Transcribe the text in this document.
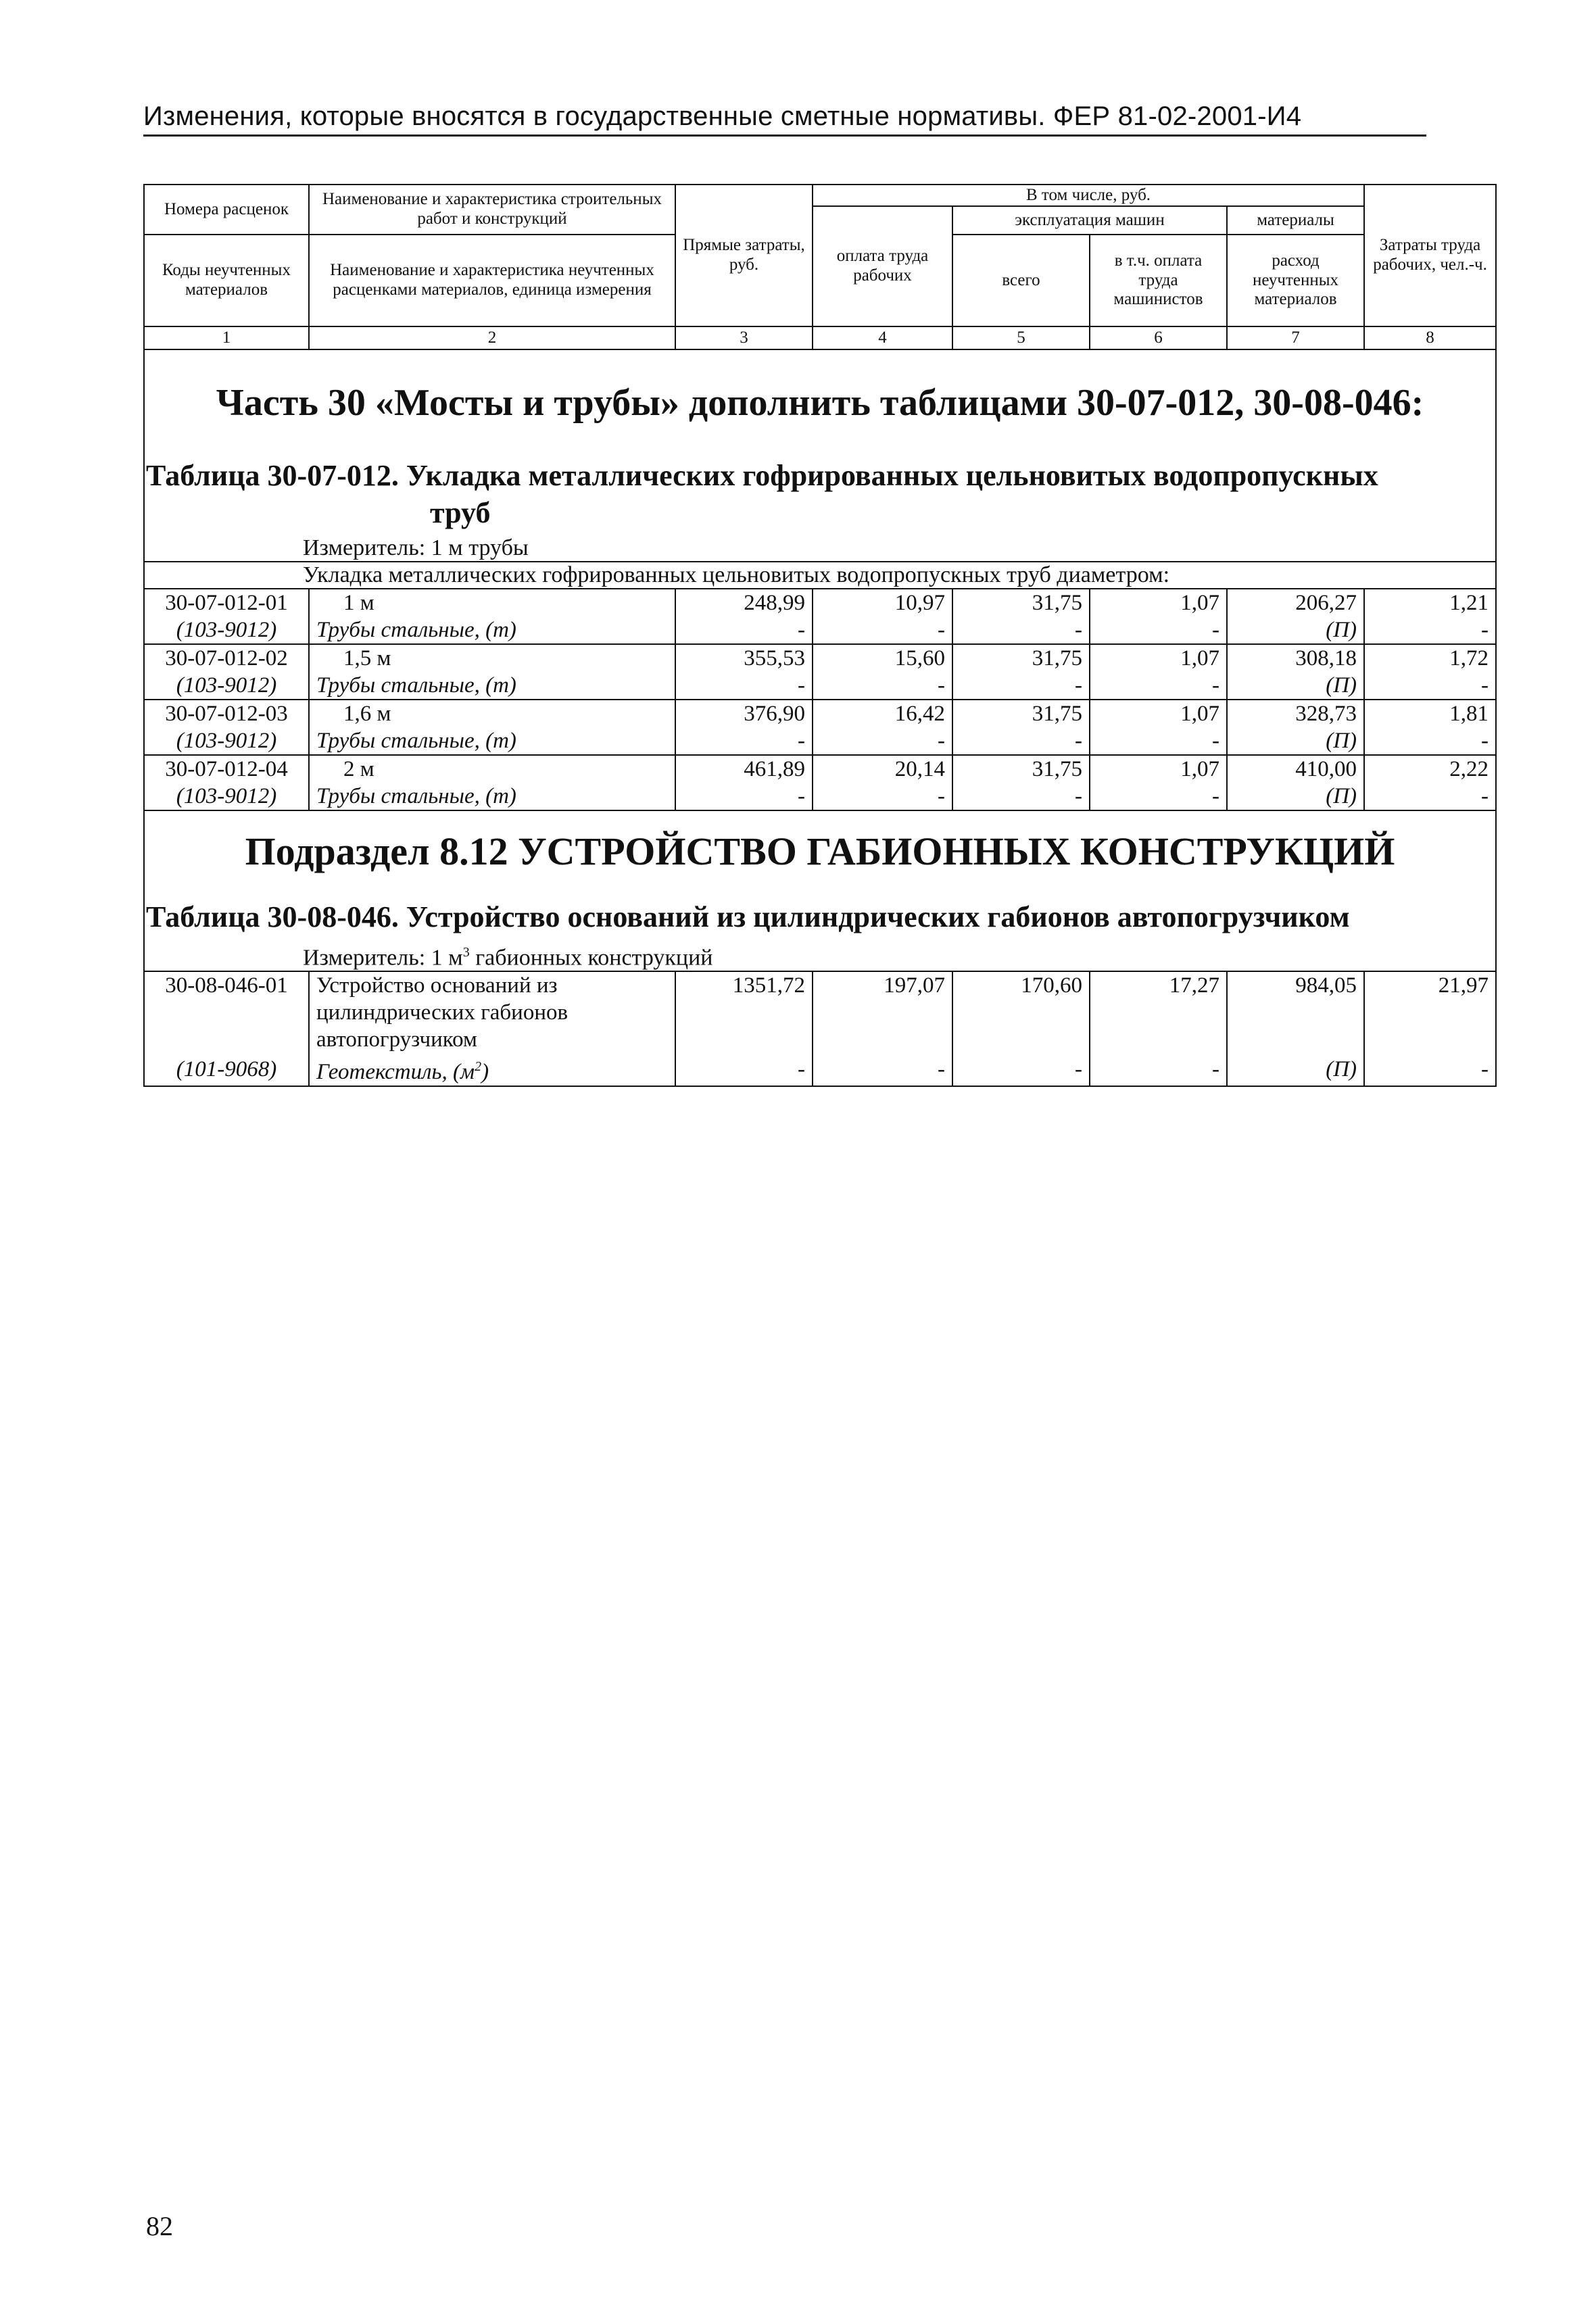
Изменения, которые вносятся в государственные сметные нормативы. ФЕР 81-02-2001-И4
Номера расценок	Наименование и характеристика строительных работ и конструкций	Прямые затраты, руб.	В том числе, руб.				Затраты труда рабочих, чел.-ч.
			оплата труда рабочих	эксплуатация машин		материалы	
Коды неучтенных материалов	Наименование и характеристика неучтенных расценками материалов, единица измерения			всего	в т.ч. оплата труда машинистов	расход неучтенных материалов	

1	2	3	4	5	6	7	8
Часть 30 «Мосты и трубы» дополнить таблицами 30-07-012, 30-08-046:							
Таблица 30-07-012. Укладка металлических гофрированных цельновитых водопропускных
труб							

Измеритель: 1 м трубы							
Укладка металлических гофрированных цельновитых водопропускных труб диаметром:							
30-07-012-01	1 м	248,99	10,97	31,75	1,07	206,27	1,21
(103-9012)	Трубы стальные, (т)	-	-	-	-	(П)	-
30-07-012-02	1,5 м	355,53	15,60	31,75	1,07	308,18	1,72
(103-9012)	Трубы стальные, (т)	-	-	-	-	(П)	-
30-07-012-03	1,6 м	376,90	16,42	31,75	1,07	328,73	1,81
(103-9012)	Трубы стальные, (т)	-	-	-	-	(П)	-
30-07-012-04	2 м	461,89	20,14	31,75	1,07	410,00	2,22
(103-9012)	Трубы стальные, (т)	-	-	-	-	(П)	-
Подраздел 8.12 УСТРОЙСТВО ГАБИОННЫХ КОНСТРУКЦИЙ							
Таблица 30-08-046. Устройство оснований из цилиндрических габионов автопогрузчиком							
Измеритель: 1 $м^3$ габионных конструкций							
30-08-046-01	Устройство оснований из
цилиндрических габионов
автопогрузчиком	1351,72	197,07	170,60	17,27	984,05	21,97
(101-9068)	Геотекстиль, $(м^2)$	-	-	-	-	(П)	-
82
